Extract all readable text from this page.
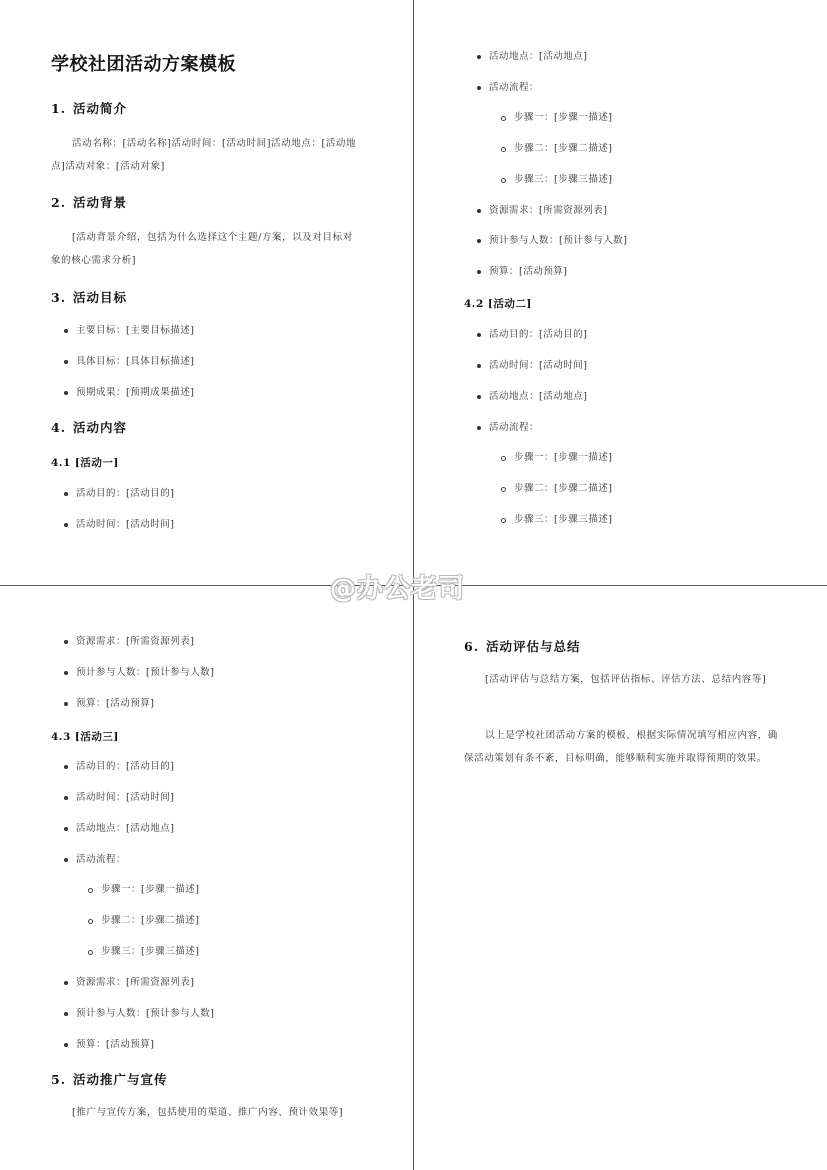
学校社团活动方案模板
1. 活动简介
活动名称：[活动名称]活动时间：[活动时间]活动地点：[活动地点]活动对象：[活动对象]
2. 活动背景
[活动背景介绍，包括为什么选择这个主题/方案，以及对目标对象的核心需求分析]
3. 活动目标
主要目标：[主要目标描述]
具体目标：[具体目标描述]
预期成果：[预期成果描述]
4. 活动内容
4.1 [活动一]
活动目的：[活动目的]
活动时间：[活动时间]
活动地点：[活动地点]
活动流程：
步骤一：[步骤一描述]
步骤二：[步骤二描述]
步骤三：[步骤三描述]
资源需求：[所需资源列表]
预计参与人数：[预计参与人数]
预算：[活动预算]
4.2 [活动二]
活动目的：[活动目的]
活动时间：[活动时间]
活动地点：[活动地点]
活动流程：
步骤一：[步骤一描述]
步骤二：[步骤二描述]
步骤三：[步骤三描述]
资源需求：[所需资源列表]
预计参与人数：[预计参与人数]
预算：[活动预算]
4.3 [活动三]
活动目的：[活动目的]
活动时间：[活动时间]
活动地点：[活动地点]
活动流程：
步骤一：[步骤一描述]
步骤二：[步骤二描述]
步骤三：[步骤三描述]
资源需求：[所需资源列表]
预计参与人数：[预计参与人数]
预算：[活动预算]
5. 活动推广与宣传
[推广与宣传方案，包括使用的渠道、推广内容、预计效果等]
6. 活动评估与总结
[活动评估与总结方案，包括评估指标、评估方法、总结内容等]
以上是学校社团活动方案的模板，根据实际情况填写相应内容，确保活动策划有条不紊，目标明确，能够顺利实施并取得预期的效果。
@办公老司
